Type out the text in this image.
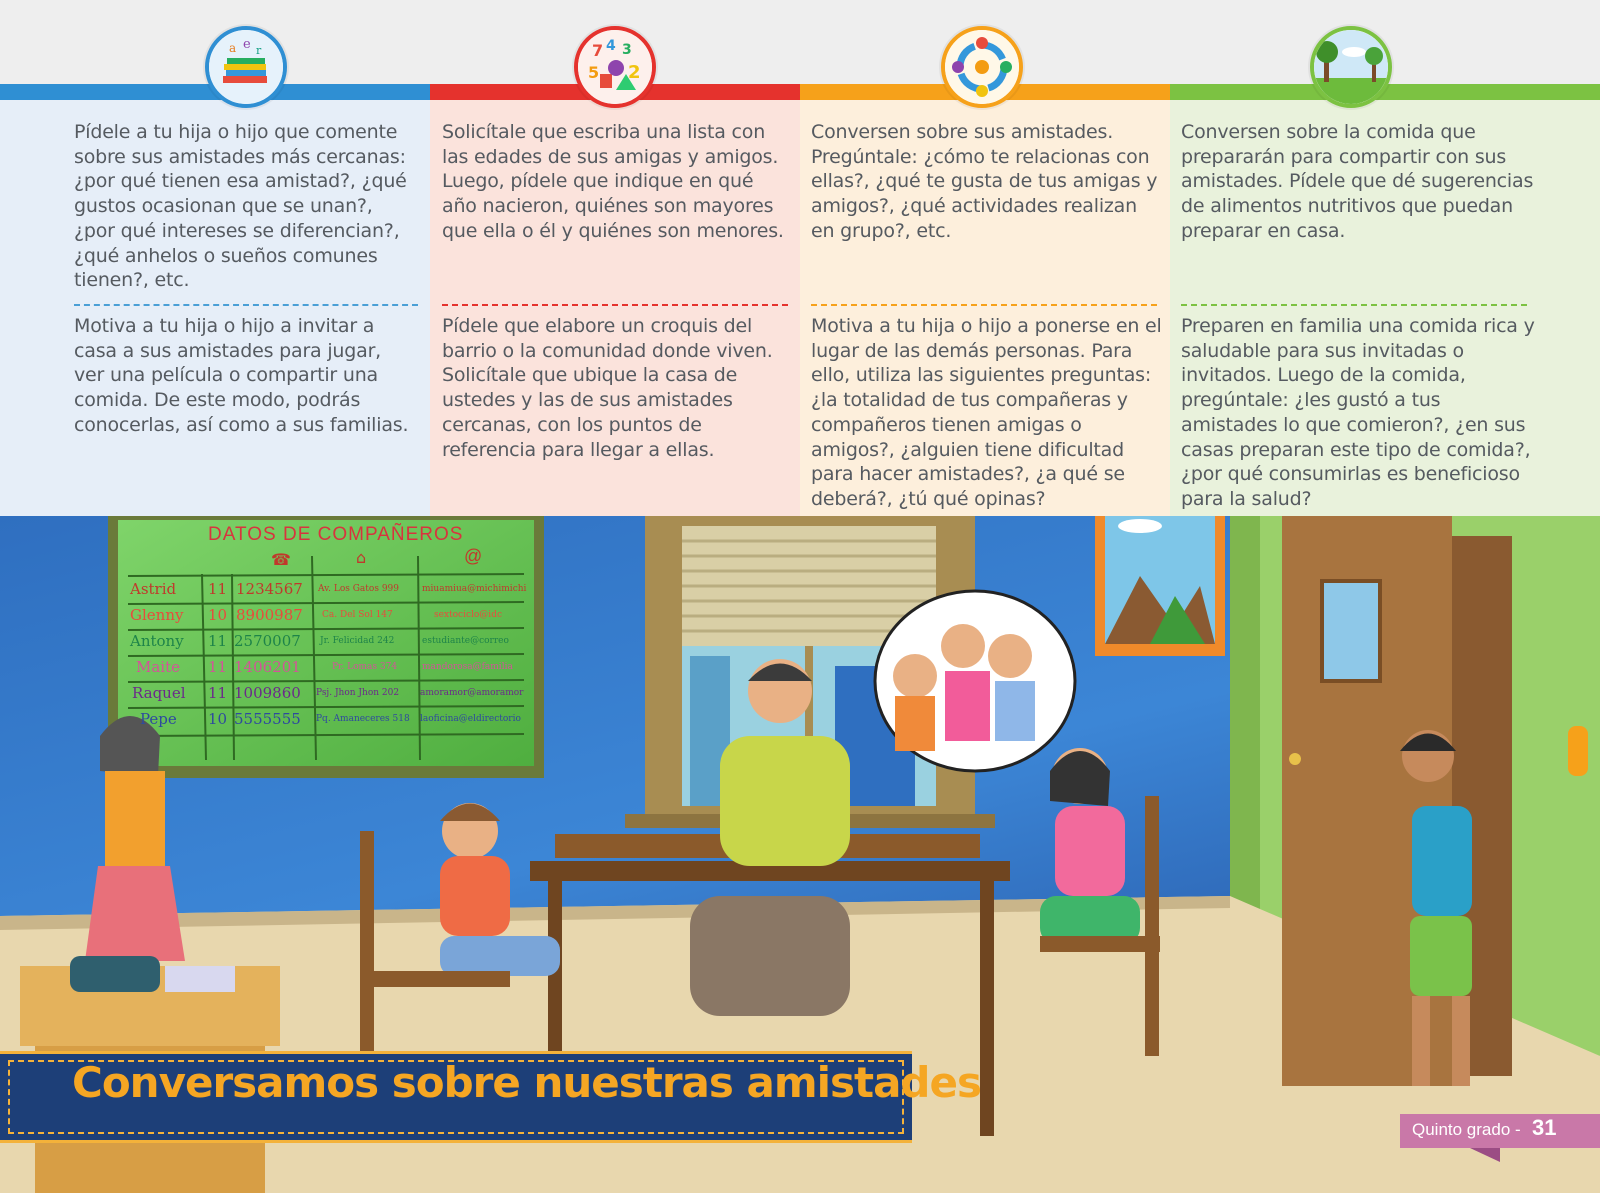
a e r
Pídele a tu hija o hijo que comente sobre sus amistades más cercanas: ¿por qué tienen esa amistad?, ¿qué gustos ocasionan que se unan?, ¿por qué intereses se diferencian?, ¿qué anhelos o sueños comunes tienen?, etc.
Motiva a tu hija o hijo a invitar a casa a sus amistades para jugar, ver una película o compartir una comida. De este modo, podrás conocerlas, así como a sus familias.
7 4 3
5 2
Solicítale que escriba una lista con las edades de sus amigas y amigos. Luego, pídele que indique en qué año nacieron, quiénes son mayores que ella o él y quiénes son menores.
Pídele que elabore un croquis del barrio o la comunidad donde viven. Solicítale que ubique la casa de ustedes y las de sus amistades cercanas, con los puntos de referencia para llegar a ellas.
Conversen sobre sus amistades. Pregúntale: ¿cómo te relacionas con ellas?, ¿qué te gusta de tus amigas y amigos?, ¿qué actividades realizan en grupo?, etc.
Motiva a tu hija o hijo a ponerse en el lugar de las demás personas. Para ello, utiliza las siguientes preguntas: ¿la totalidad de tus compañeras y compañeros tienen amigas o amigos?, ¿alguien tiene dificultad para hacer amistades?, ¿a qué se deberá?, ¿tú qué opinas?
Conversen sobre la comida que prepararán para compartir con sus amistades. Pídele que dé sugerencias de alimentos nutritivos que puedan preparar en casa.
Preparen en familia una comida rica y saludable para sus invitadas o invitados. Luego de la comida, pregúntale: ¿les gustó a tus amistades lo que comieron?, ¿en sus casas preparan este tipo de comida?, ¿por qué consumirlas es beneficioso para la salud?
DATOS DE COMPAÑEROS
☎	⌂	@
Astrid 11 1234567 Av. Los Gatos 999	miuamiua@michimichi
Glenny 10 8900987 Ca. Del Sol 147	sextociclo@idc
Antony 11 2570007 Jr. Felicidad 242	estudiante@correo
Maite 11 1406201	Pr. Lomas 374	mandorosa@familia
Raquel 11 1009860 Psj. Jhon Jhon 202 amoramor@amoramor
Pepe 10 5555555 Pq. Amaneceres 518 laoficina@eldirectorio
Conversamos sobre nuestras amistades
Quinto grado - 31
